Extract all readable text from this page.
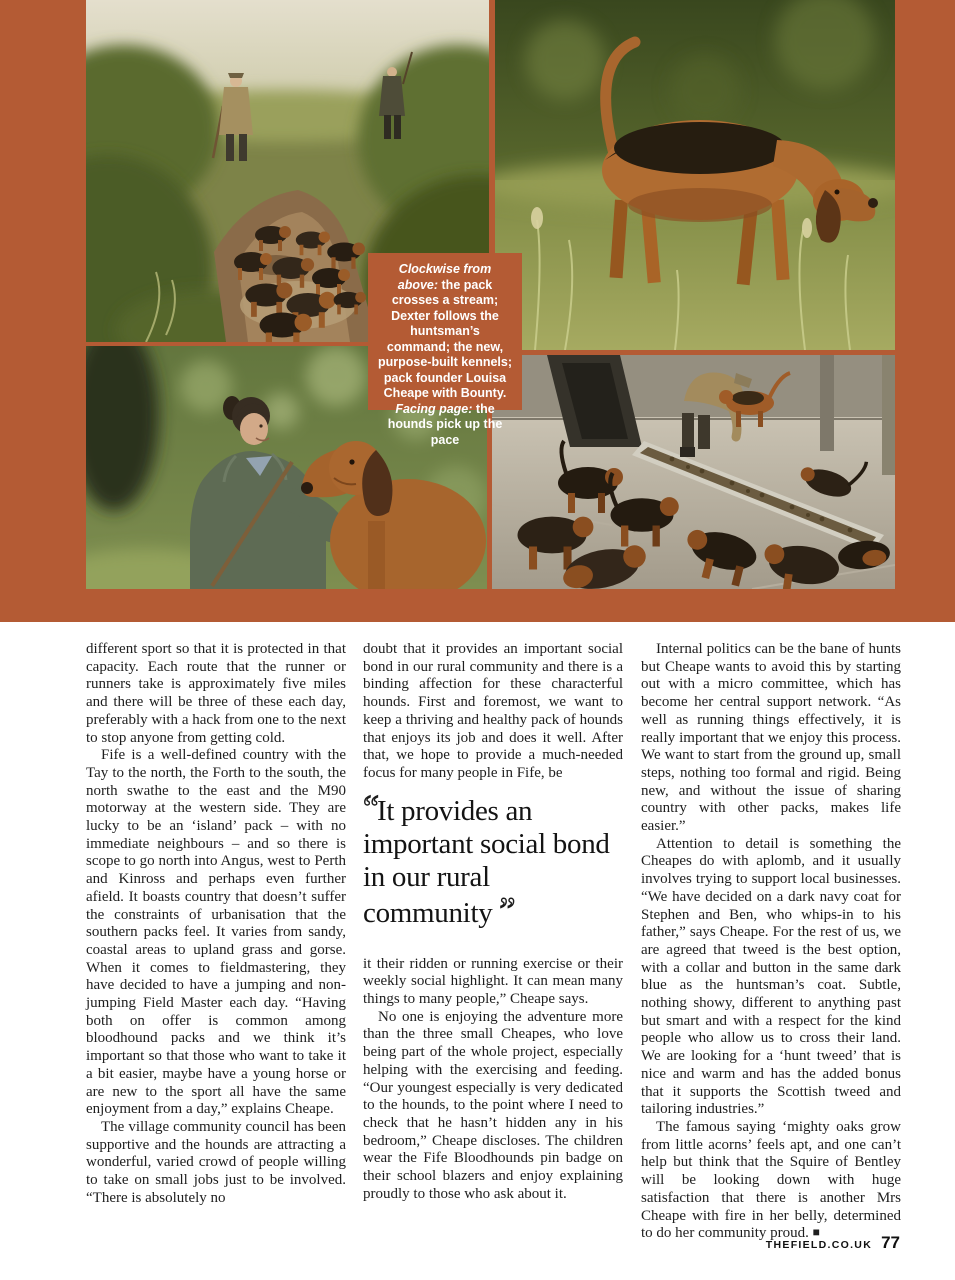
Clockwise from above: the pack crosses a stream; Dexter follows the huntsman’s command; the new, purpose-built kennels; pack founder Louisa Cheape with Bounty. Facing page: the hounds pick up the pace

different sport so that it is protected in that capacity. Each route that the runner or runners take is approximately five miles and there will be three of these each day, preferably with a hack from one to the next to stop anyone from getting cold.

Fife is a well-defined country with the Tay to the north, the Forth to the south, the north swathe to the east and the M90 motorway at the western side. They are lucky to be an ‘island’ pack – with no immediate neighbours – and so there is scope to go north into Angus, west to Perth and Kinross and perhaps even further afield. It boasts country that doesn’t suffer the constraints of urbanisation that the southern packs feel. It varies from sandy, coastal areas to upland grass and gorse. When it comes to fieldmastering, they have decided to have a jumping and non-jumping Field Master each day. “Having both on offer is common among bloodhound packs and we think it’s important so that those who want to take it a bit easier, maybe have a young horse or are new to the sport all have the same enjoyment from a day,” explains Cheape.

The village community council has been supportive and the hounds are attracting a wonderful, varied crowd of people willing to take on small jobs just to be involved. “There is absolutely no

doubt that it provides an important social bond in our rural community and there is a binding affection for these characterful hounds. First and foremost, we want to keep a thriving and healthy pack of hounds that enjoys its job and does it well. After that, we hope to provide a much-needed focus for many people in Fife, be

“It provides an important social bond in our rural community ”

it their ridden or running exercise or their weekly social highlight. It can mean many things to many people,” Cheape says.

No one is enjoying the adventure more than the three small Cheapes, who love being part of the whole project, especially helping with the exercising and feeding. “Our youngest especially is very dedicated to the hounds, to the point where I need to check that he hasn’t hidden any in his bedroom,” Cheape discloses. The children wear the Fife Bloodhounds pin badge on their school blazers and enjoy explaining proudly to those who ask about it.

Internal politics can be the bane of hunts but Cheape wants to avoid this by starting out with a micro committee, which has become her central support network. “As well as running things effectively, it is really important that we enjoy this process. We want to start from the ground up, small steps, nothing too formal and rigid. Being new, and without the issue of sharing country with other packs, makes life easier.”

Attention to detail is something the Cheapes do with aplomb, and it usually involves trying to support local businesses. “We have decided on a dark navy coat for Stephen and Ben, who whips-in to his father,” says Cheape. For the rest of us, we are agreed that tweed is the best option, with a collar and button in the same dark blue as the huntsman’s coat. Subtle, nothing showy, different to anything past but smart and with a respect for the kind people who allow us to cross their land. We are looking for a ‘hunt tweed’ that is nice and warm and has the added bonus that it supports the Scottish tweed and tailoring industries.”

The famous saying ‘mighty oaks grow from little acorns’ feels apt, and one can’t help but think that the Squire of Bentley will be looking down with huge satisfaction that there is another Mrs Cheape with fire in her belly, determined to do her community proud. ■

THEFIELD.CO.UK 77
